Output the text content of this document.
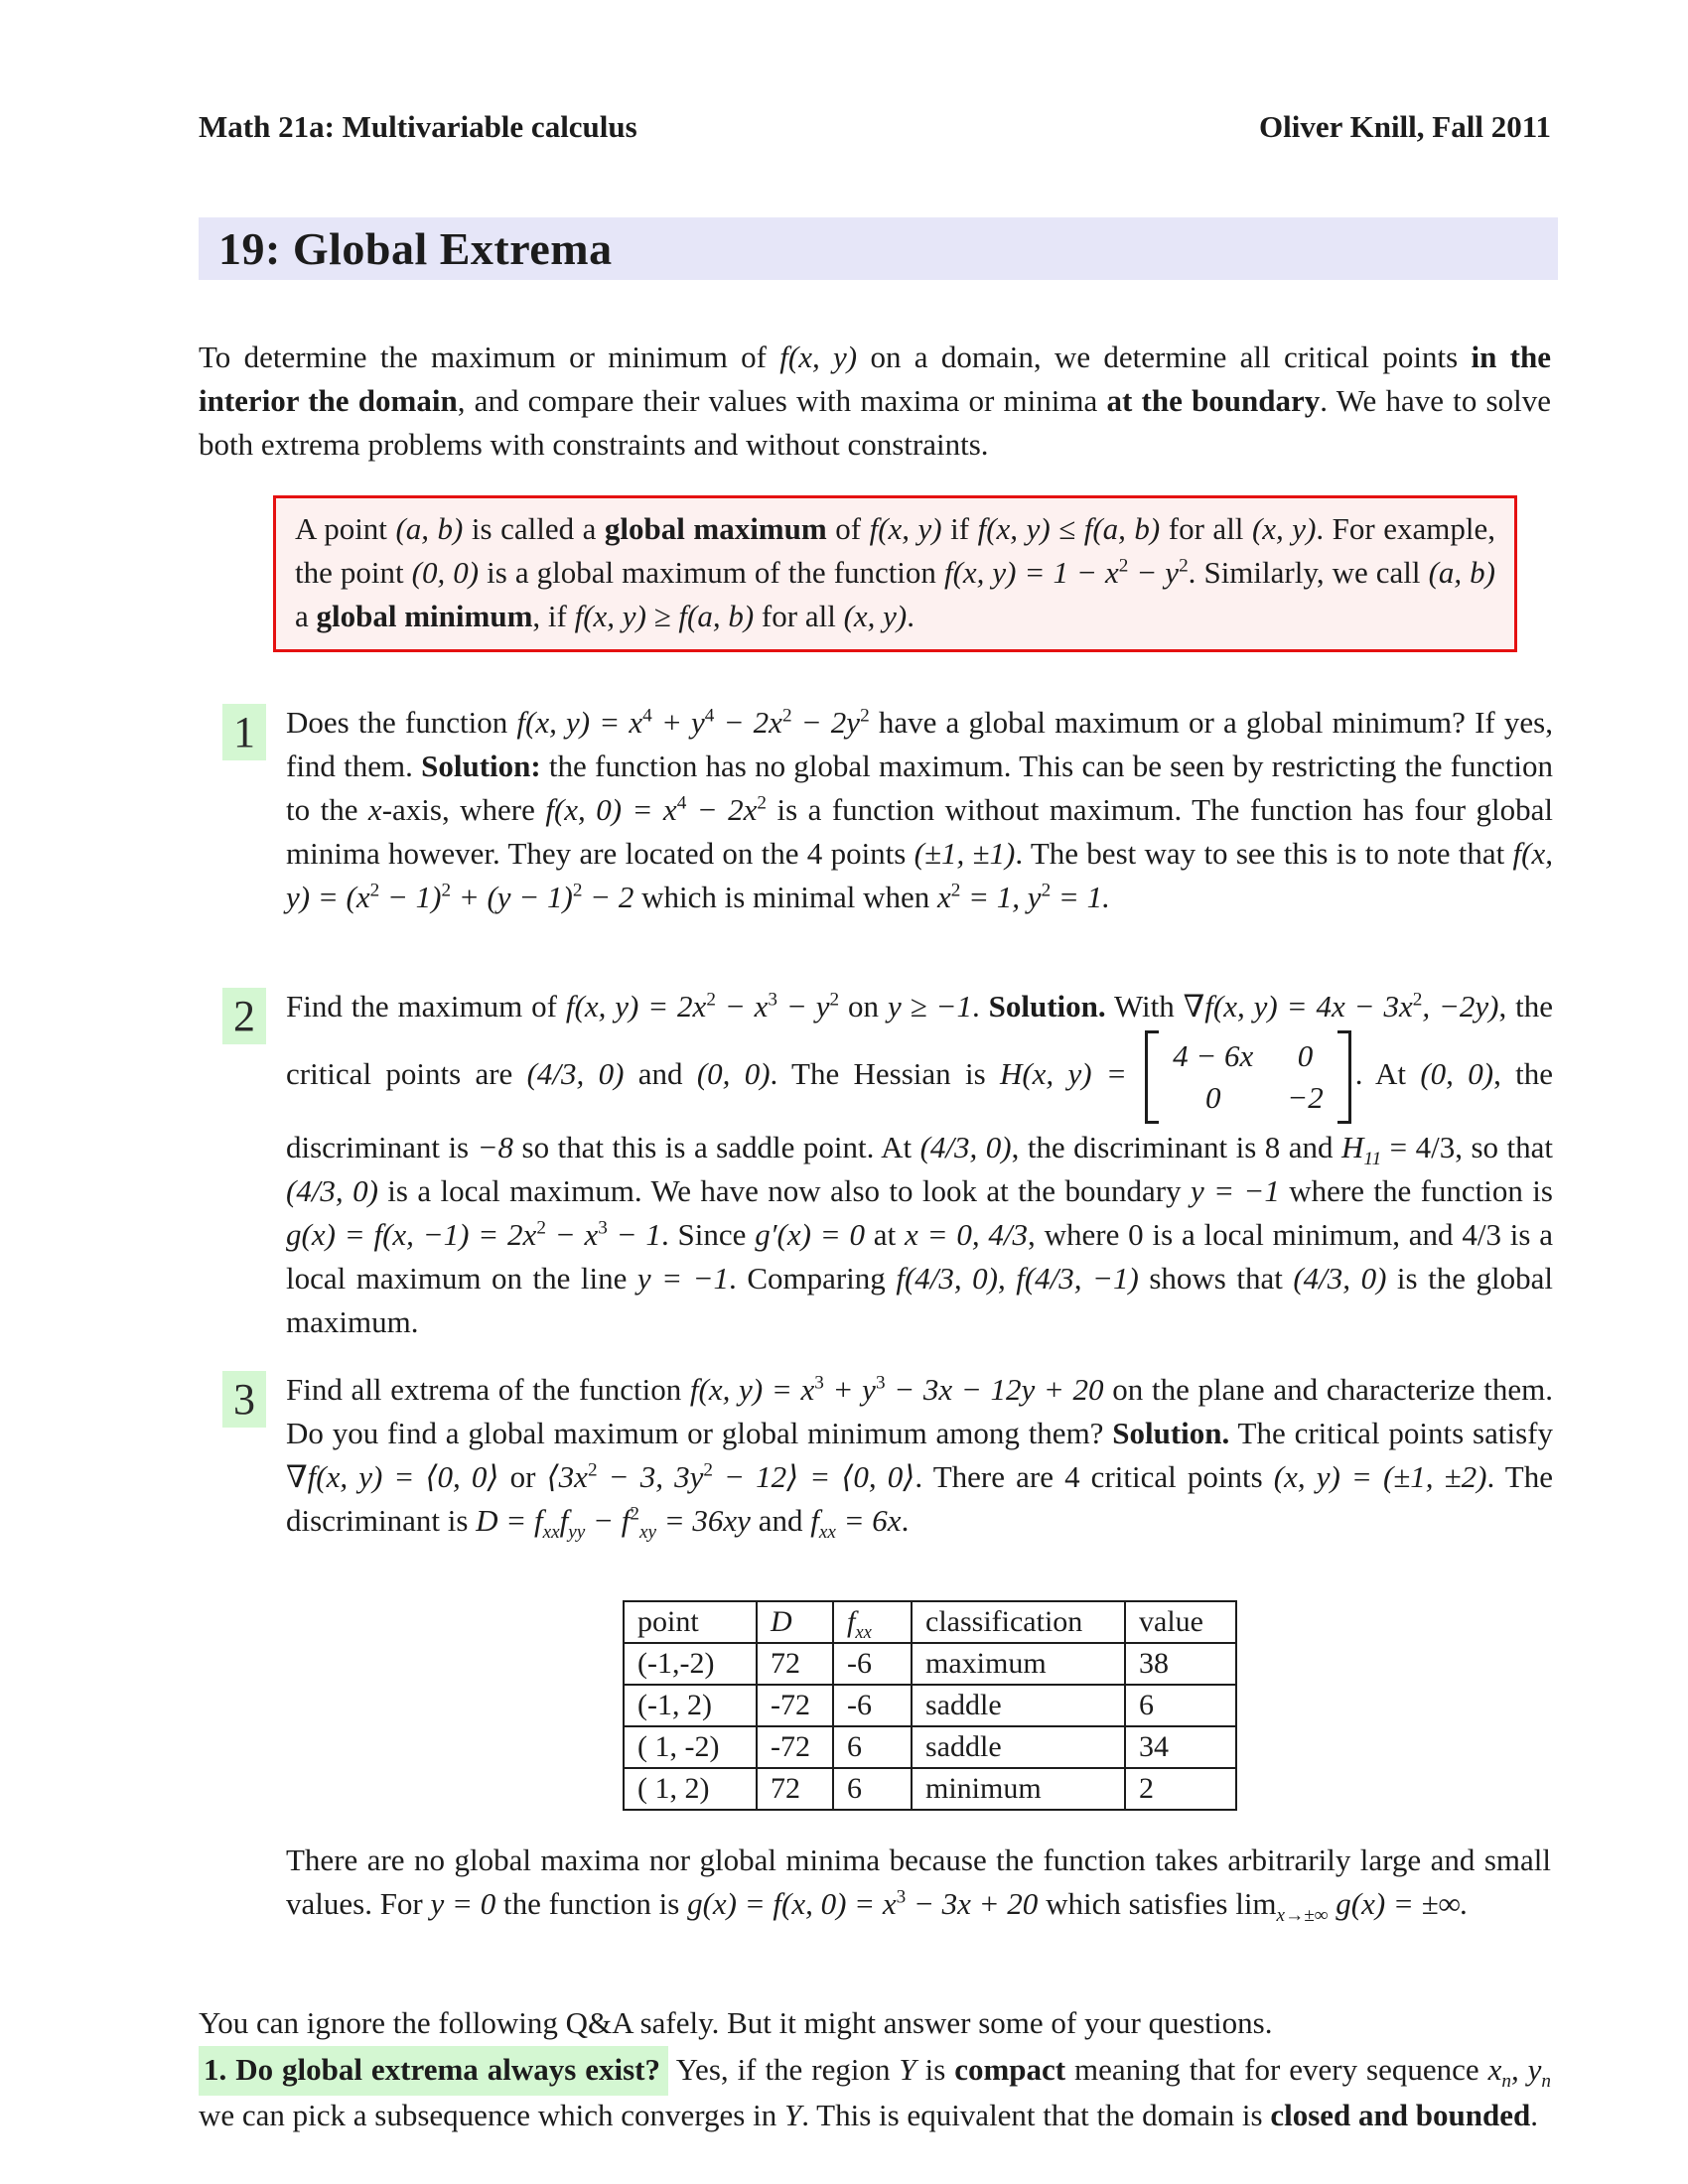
Math 21a: Multivariable calculus	Oliver Knill, Fall 2011
19: Global Extrema

To determine the maximum or minimum of f(x, y) on a domain, we determine all critical points in the interior the domain, and compare their values with maxima or minima at the boundary. We have to solve both extrema problems with constraints and without constraints.

A point (a, b) is called a global maximum of f(x, y) if f(x, y) ≤ f(a, b) for all (x, y). For example, the point (0, 0) is a global maximum of the function f(x, $y) = 1 - x^2 - y^2$. Similarly, we call (a, b) a global minimum, if f(x, y) ≥ f(a, b) for all (x, y).
1	Does the function f(x, $y) = x^4 + y^4 - 2x^2 - 2y^2$ have a global maximum or a global minimum? If yes, find them. Solution: the function has no global maximum. This can be seen by restricting the function to the x-axis, where f(x, $0) = x^4 - 2x^2$ is a function without maximum. The function has four global minima however. They are located on the 4 points (±1, ±1). The best way to see this is to note that f(x, $y) = (x^2 - 1)^2 + (y - 1)^2 - 2$ which is minimal when $x^2 = 1$, $y^2 = 1$.
2	Find the maximum of f(x, $y) = 2x^2 - x^3 - y^2$ on y ≥ −1. Solution. With ∇f(x, $y) = 4x - 3x^2$, −2y), the critical points are (4/3, 0) and (0, 0). The Hessian is H(x, y) =
4 − 6x 0
0 −2
. At (0, 0), the discriminant is −8 so that this is a saddle point. At (4/3, 0), the discriminant is 8 and $H_{11} = 4/3$, so that (4/3, 0) is a local maximum. We have now also to look at the boundary y = −1 where the function is g(x) = f(x, $-1) = 2x^2 - x^3 - 1$. Since g′(x) = 0 at x = 0, 4/3, where 0 is a local minimum, and 4/3 is a local maximum on the line y = −1. Comparing f(4/3, 0), f(4/3, −1) shows that (4/3, 0) is the global maximum.
3	Find all extrema of the function f(x, $y) = x^3 + y^3 - 3x - 12y + 20$ on the plane and characterize them. Do you find a global maximum or global minimum among them? Solution. The critical points satisfy ∇f(x, y) = ⟨0, 0⟩ or $⟨3x^2 - 3$, $3y^2$ − 12⟩ = ⟨0, 0⟩. There are 4 critical points (x, y) = (±1, ±2). The discriminant is $D = f_{xx}f_{yy} - f^2_{xy} = 36xy$ and $f_{xx} = 6x$.
point	D	$f_{xx}$	classification	value
(-1,-2)	72	-6	maximum	38
(-1, 2)	-72	-6	saddle	6
( 1, -2)	-72	6	saddle	34
( 1, 2)	72	6	minimum	2

There are no global maxima nor global minima because the function takes arbitrarily large and small values. For y = 0 the function is g(x) = f(x, $0) = x^3 - 3x + 20$ which satisfies $\lim_{x\to\pm\infty} g(x)$ = ±∞.

You can ignore the following Q&A safely. But it might answer some of your questions.

1. Do global extrema always exist? Yes, if the region Y is compact meaning that for every sequence $x_n$, $y_n$ we can pick a subsequence which converges in Y. This is equivalent that the domain is closed and bounded.
